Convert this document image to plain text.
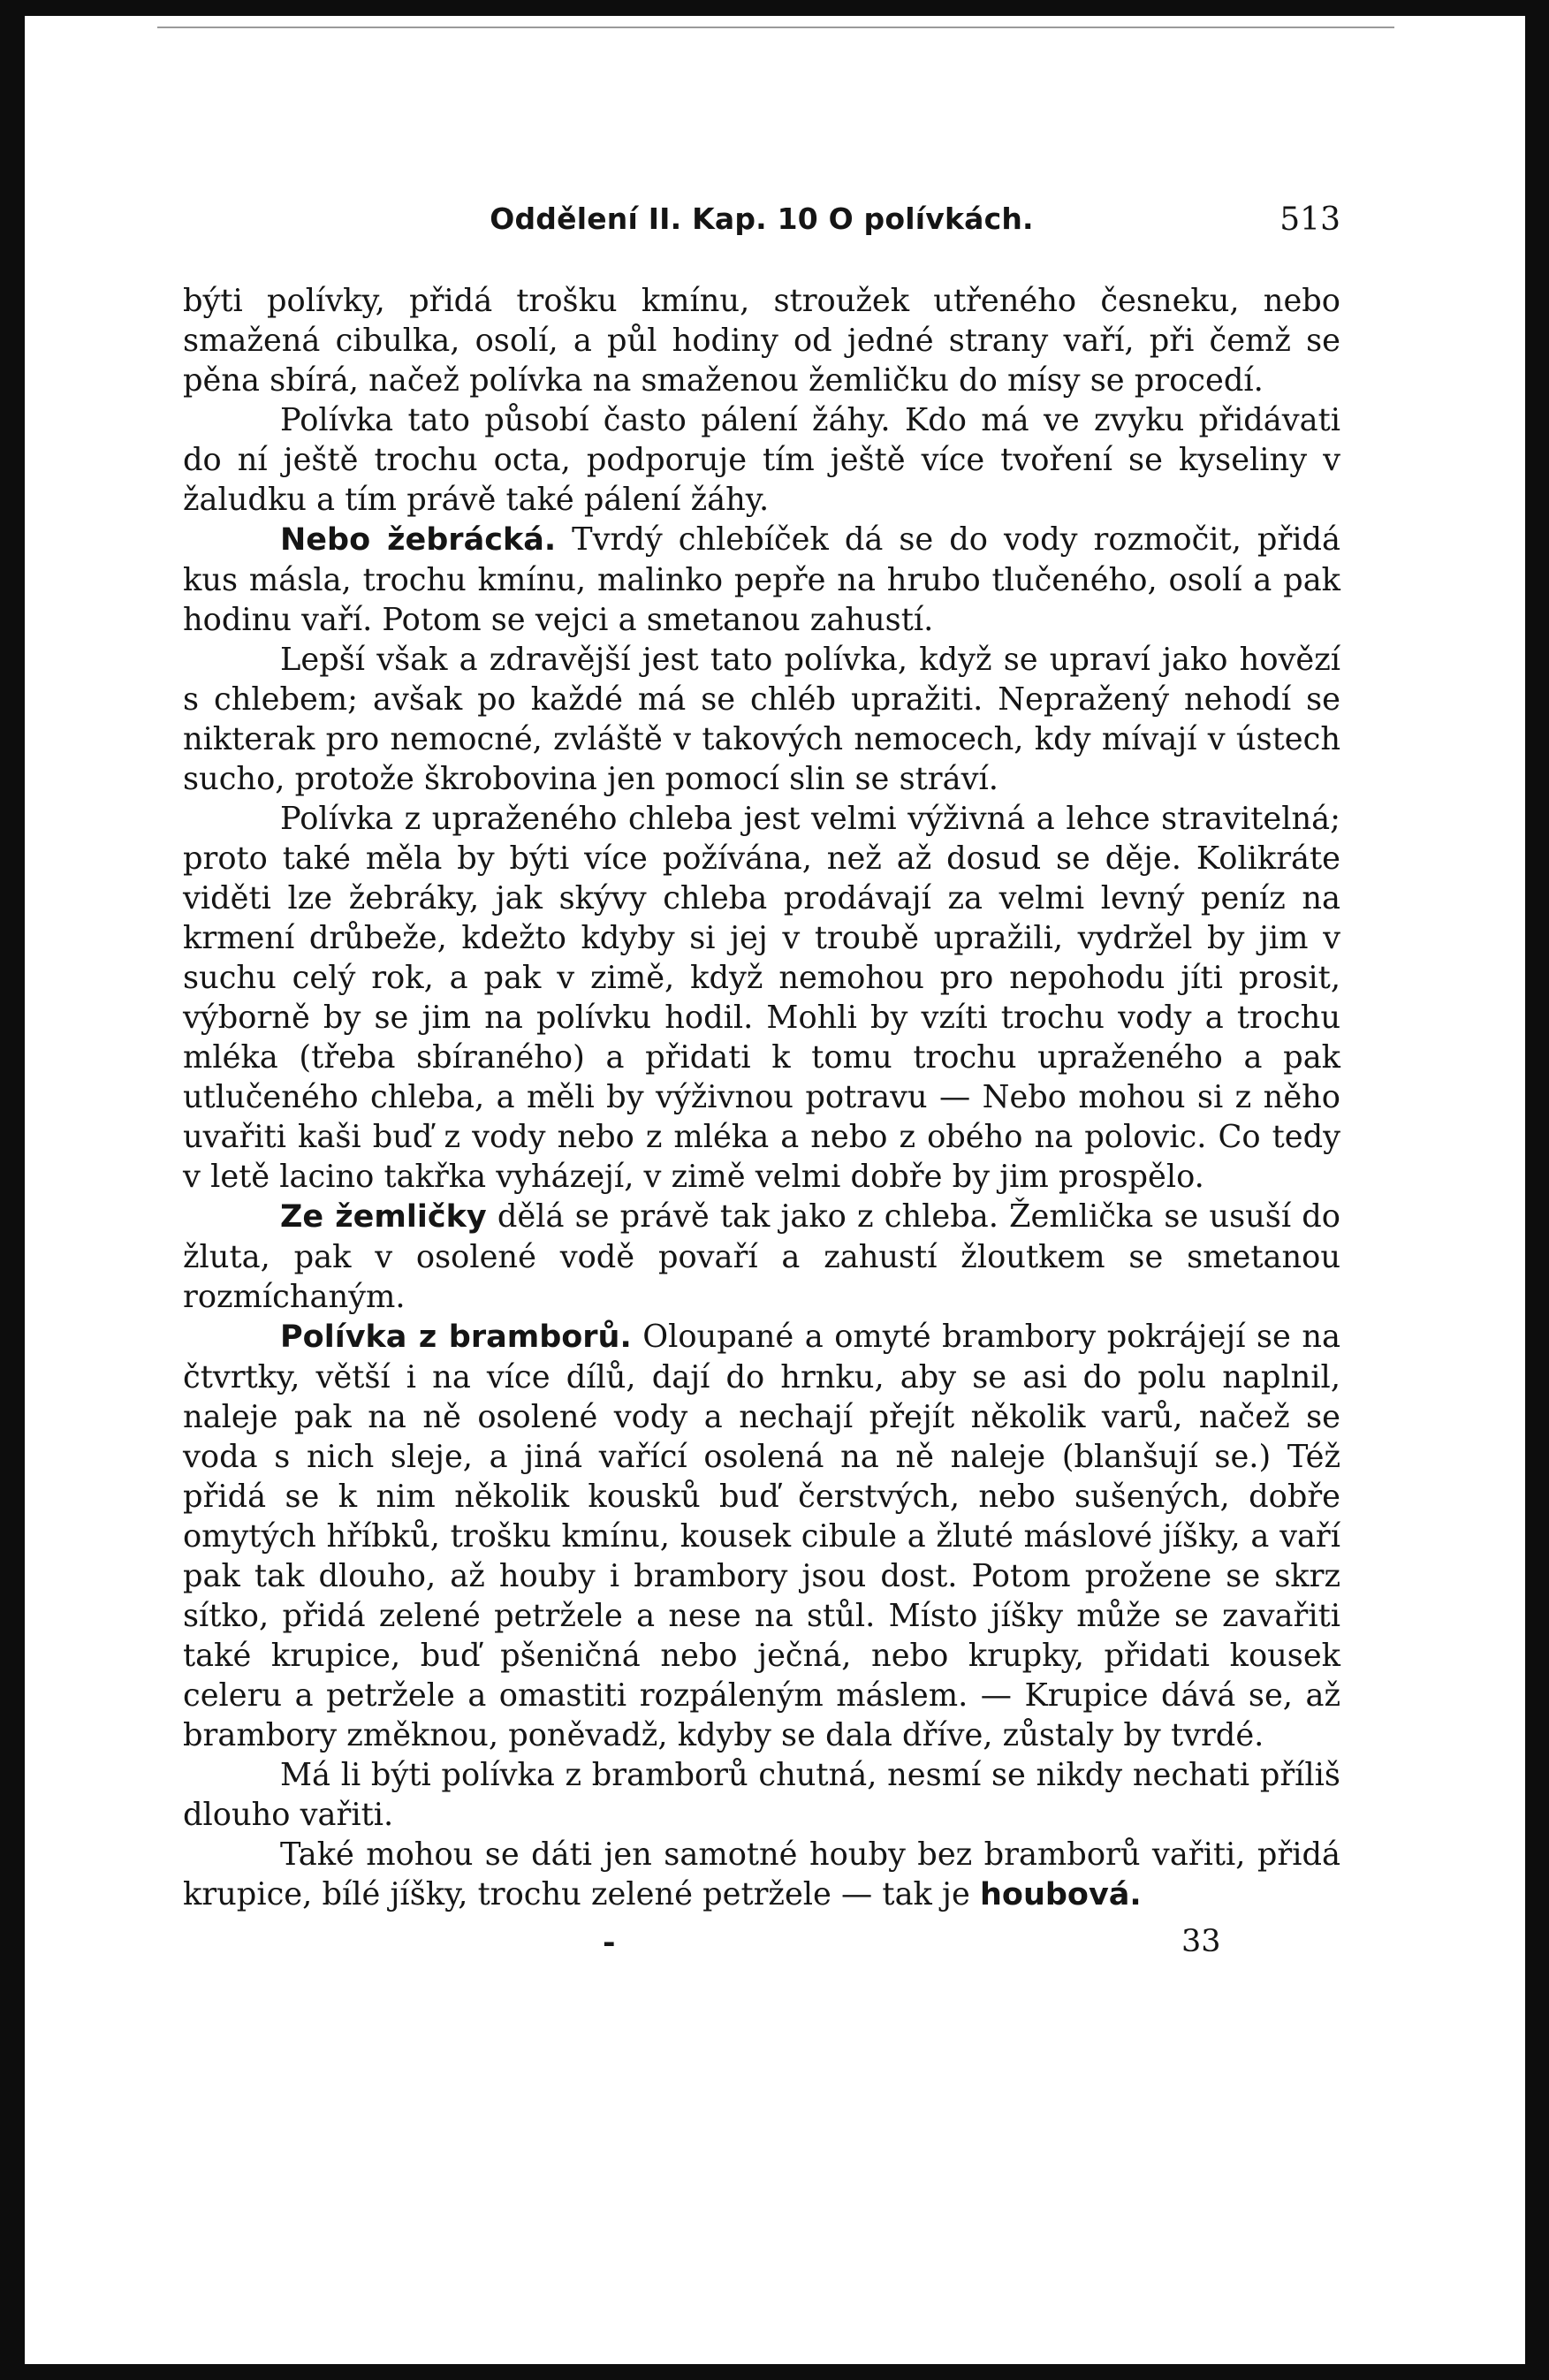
Oddělení II. Kap. 10 O polívkách.	513

býti polívky, přidá trošku kmínu, stroužek utřeného česneku, nebo smažená cibulka, osolí, a půl hodiny od jedné strany vaří, při čemž se pěna sbírá, načež polívka na smaženou žemličku do mísy se procedí.

Polívka tato působí často pálení žáhy. Kdo má ve zvyku přidávati do ní ještě trochu octa, podporuje tím ještě více tvoření se kyseliny v žaludku a tím právě také pálení žáhy.

Nebo žebrácká. Tvrdý chlebíček dá se do vody rozmočit, přidá kus másla, trochu kmínu, malinko pepře na hrubo tlučeného, osolí a pak hodinu vaří. Potom se vejci a smetanou zahustí.

Lepší však a zdravější jest tato polívka, když se upraví jako hovězí s chlebem; avšak po každé má se chléb upražiti. Nepražený nehodí se nikterak pro nemocné, zvláště v takových nemocech, kdy mívají v ústech sucho, protože škrobovina jen pomocí slin se stráví.

Polívka z upraženého chleba jest velmi výživná a lehce stravitelná; proto také měla by býti více požívána, než až dosud se děje. Kolikráte viděti lze žebráky, jak skývy chleba prodávají za velmi levný peníz na krmení drůbeže, kdežto kdyby si jej v troubě upražili, vydržel by jim v suchu celý rok, a pak v zimě, když nemohou pro nepohodu jíti prosit, výborně by se jim na polívku hodil. Mohli by vzíti trochu vody a trochu mléka (třeba sbíraného) a přidati k tomu trochu upraženého a pak utlučeného chleba, a měli by výživnou potravu — Nebo mohou si z něho uvařiti kaši buď z vody nebo z mléka a nebo z obého na polovic. Co tedy v letě lacino takřka vyházejí, v zimě velmi dobře by jim prospělo.

Ze žemličky dělá se právě tak jako z chleba. Žemlička se usuší do žluta, pak v osolené vodě povaří a zahustí žloutkem se smetanou rozmíchaným.

Polívka z bramborů. Oloupané a omyté brambory pokrájejí se na čtvrtky, větší i na více dílů, dají do hrnku, aby se asi do polu naplnil, naleje pak na ně osolené vody a nechají přejít několik varů, načež se voda s nich sleje, a jiná vařící osolená na ně naleje (blanšují se.) Též přidá se k nim několik kousků buď čerstvých, nebo sušených, dobře omytých hříbků, trošku kmínu, kousek cibule a žluté máslové jíšky, a vaří pak tak dlouho, až houby i brambory jsou dost. Potom prožene se skrz sítko, přidá zelené petržele a nese na stůl. Místo jíšky může se zavařiti také krupice, buď pšeničná nebo ječná, nebo krupky, přidati kousek celeru a petržele a omastiti rozpáleným máslem. — Krupice dává se, až brambory změknou, poněvadž, kdyby se dala dříve, zůstaly by tvrdé.

Má li býti polívka z bramborů chutná, nesmí se nikdy nechati příliš dlouho vařiti.

Také mohou se dáti jen samotné houby bez bramborů vařiti, přidá krupice, bílé jíšky, trochu zelené petržele — tak je houbová.

-	33
